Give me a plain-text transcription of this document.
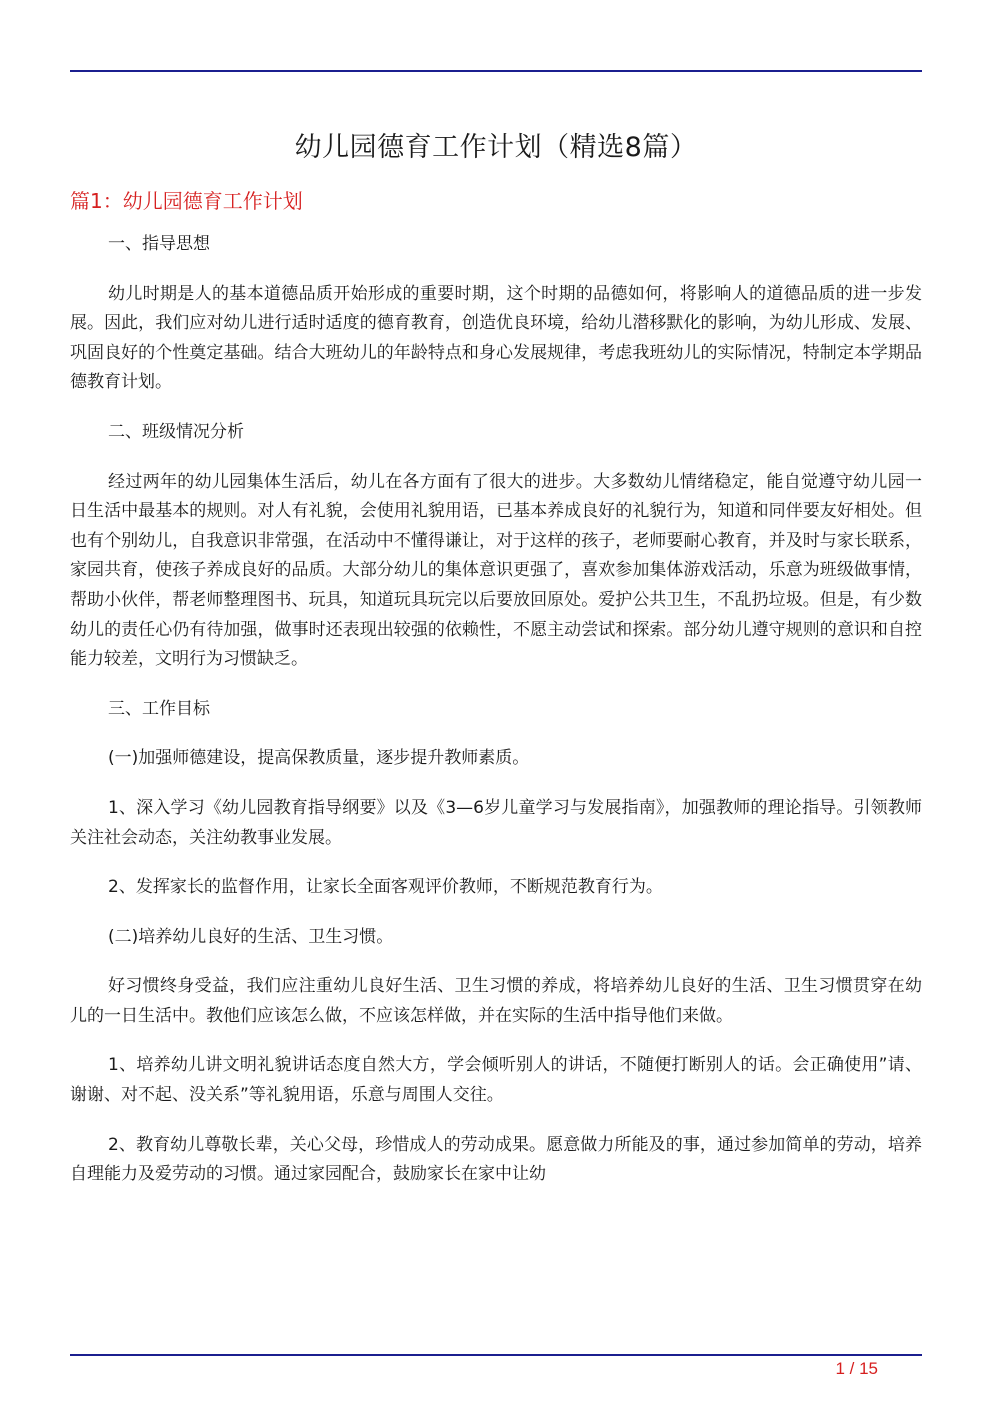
幼儿园德育工作计划（精选8篇）
篇1：幼儿园德育工作计划

一、指导思想

幼儿时期是人的基本道德品质开始形成的重要时期，这个时期的品德如何，将影响人的道德品质的进一步发展。因此，我们应对幼儿进行适时适度的德育教育，创造优良环境，给幼儿潜移默化的影响，为幼儿形成、发展、巩固良好的个性奠定基础。结合大班幼儿的年龄特点和身心发展规律，考虑我班幼儿的实际情况，特制定本学期品德教育计划。

二、班级情况分析

经过两年的幼儿园集体生活后，幼儿在各方面有了很大的进步。大多数幼儿情绪稳定，能自觉遵守幼儿园一日生活中最基本的规则。对人有礼貌，会使用礼貌用语，已基本养成良好的礼貌行为，知道和同伴要友好相处。但也有个别幼儿，自我意识非常强，在活动中不懂得谦让，对于这样的孩子，老师要耐心教育，并及时与家长联系，家园共育，使孩子养成良好的品质。大部分幼儿的集体意识更强了，喜欢参加集体游戏活动，乐意为班级做事情，帮助小伙伴，帮老师整理图书、玩具，知道玩具玩完以后要放回原处。爱护公共卫生，不乱扔垃圾。但是，有少数幼儿的责任心仍有待加强，做事时还表现出较强的依赖性，不愿主动尝试和探索。部分幼儿遵守规则的意识和自控能力较差，文明行为习惯缺乏。

三、工作目标

(一)加强师德建设，提高保教质量，逐步提升教师素质。

1、深入学习《幼儿园教育指导纲要》以及《3—6岁儿童学习与发展指南》，加强教师的理论指导。引领教师关注社会动态，关注幼教事业发展。

2、发挥家长的监督作用，让家长全面客观评价教师，不断规范教育行为。

(二)培养幼儿良好的生活、卫生习惯。

好习惯终身受益，我们应注重幼儿良好生活、卫生习惯的养成，将培养幼儿良好的生活、卫生习惯贯穿在幼儿的一日生活中。教他们应该怎么做，不应该怎样做，并在实际的生活中指导他们来做。

1、培养幼儿讲文明礼貌讲话态度自然大方，学会倾听别人的讲话，不随便打断别人的话。会正确使用”请、谢谢、对不起、没关系”等礼貌用语，乐意与周围人交往。

2、教育幼儿尊敬长辈，关心父母，珍惜成人的劳动成果。愿意做力所能及的事，通过参加简单的劳动，培养自理能力及爱劳动的习惯。通过家园配合，鼓励家长在家中让幼

1 / 15
